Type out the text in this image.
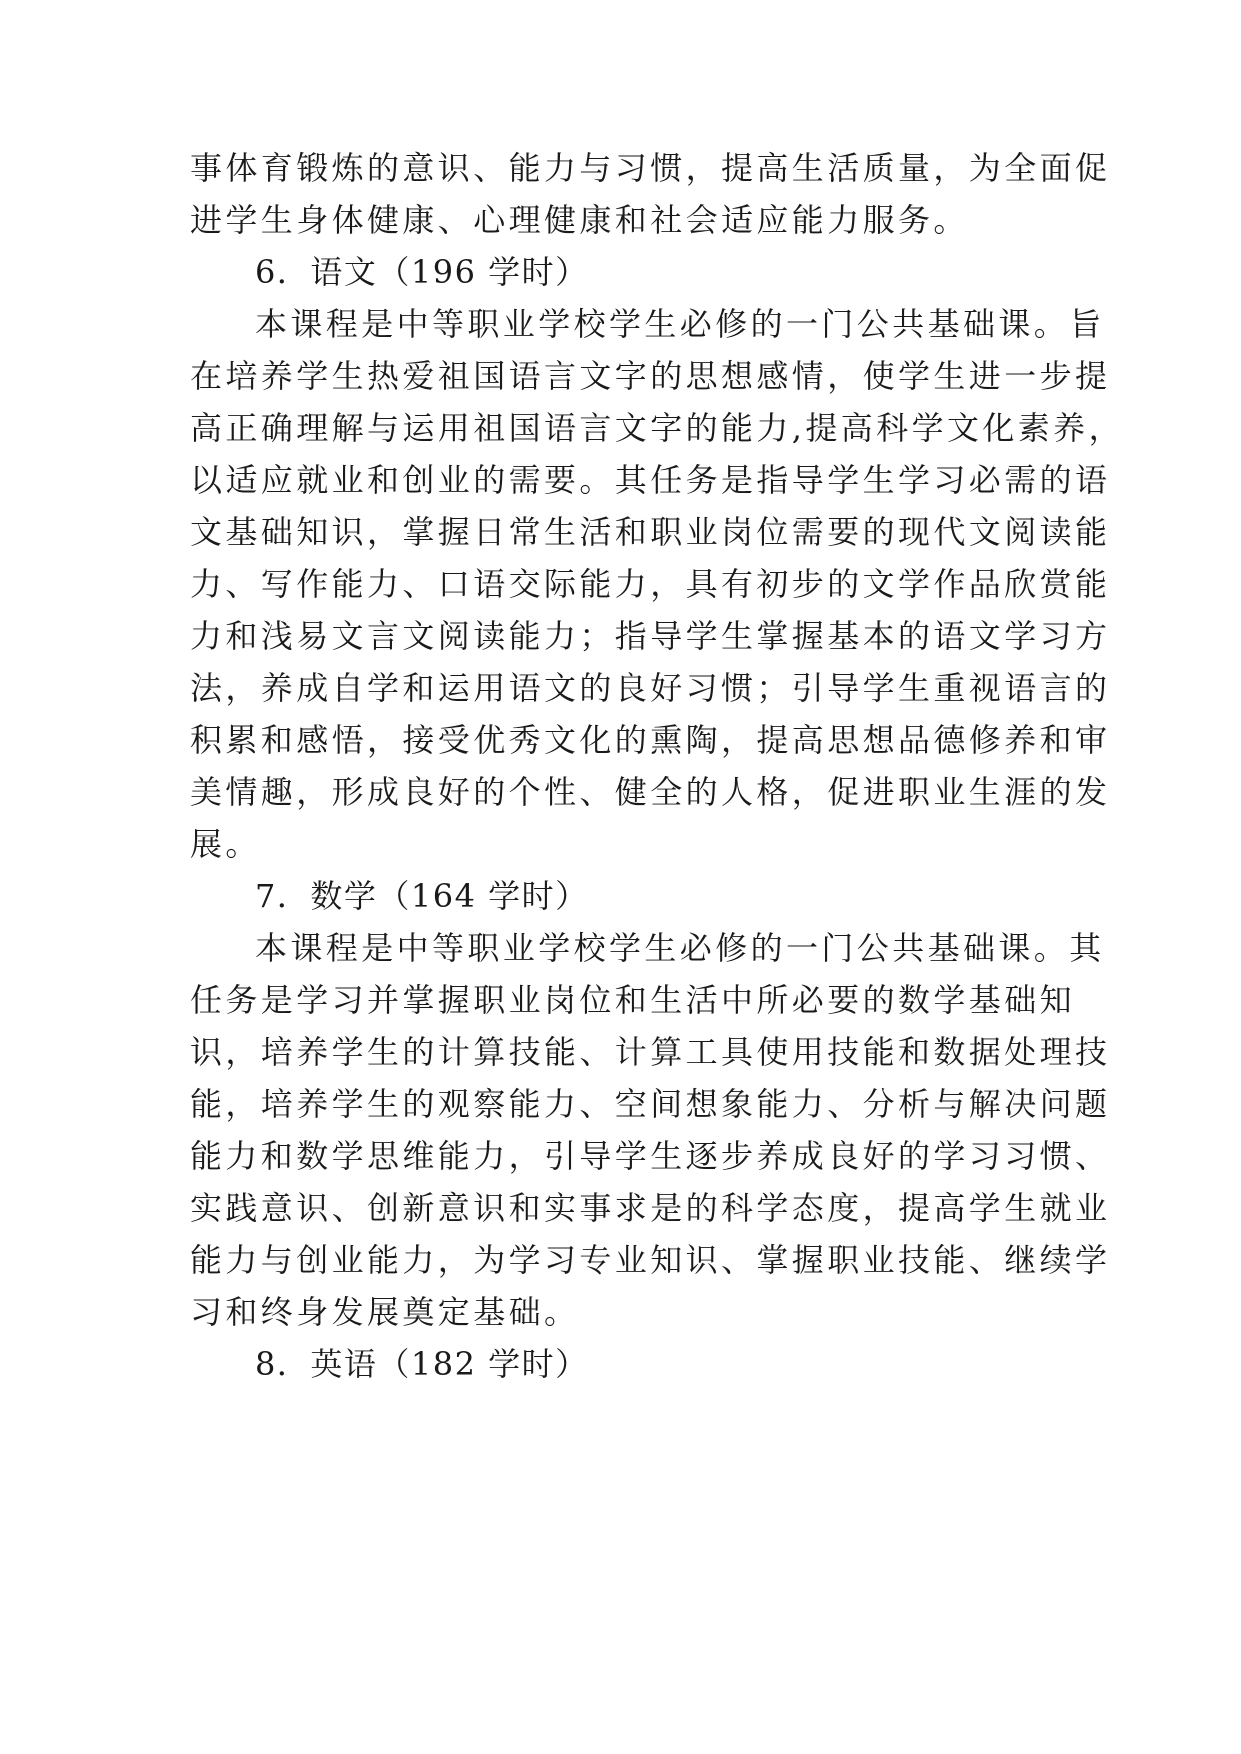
事体育锻炼的意识、能力与习惯，提高生活质量，为全面促
进学生身体健康、心理健康和社会适应能力服务。
6．语文（196 学时）
本课程是中等职业学校学生必修的一门公共基础课。旨
在培养学生热爱祖国语言文字的思想感情，使学生进一步提
高正确理解与运用祖国语言文字的能力,提高科学文化素养，
以适应就业和创业的需要。其任务是指导学生学习必需的语
文基础知识，掌握日常生活和职业岗位需要的现代文阅读能
力、写作能力、口语交际能力，具有初步的文学作品欣赏能
力和浅易文言文阅读能力；指导学生掌握基本的语文学习方
法，养成自学和运用语文的良好习惯；引导学生重视语言的
积累和感悟，接受优秀文化的熏陶，提高思想品德修养和审
美情趣，形成良好的个性、健全的人格，促进职业生涯的发
展。
7．数学（164 学时）
本课程是中等职业学校学生必修的一门公共基础课。其
任务是学习并掌握职业岗位和生活中所必要的数学基础知
识，培养学生的计算技能、计算工具使用技能和数据处理技
能，培养学生的观察能力、空间想象能力、分析与解决问题
能力和数学思维能力，引导学生逐步养成良好的学习习惯、
实践意识、创新意识和实事求是的科学态度，提高学生就业
能力与创业能力，为学习专业知识、掌握职业技能、继续学
习和终身发展奠定基础。
8．英语（182 学时）
